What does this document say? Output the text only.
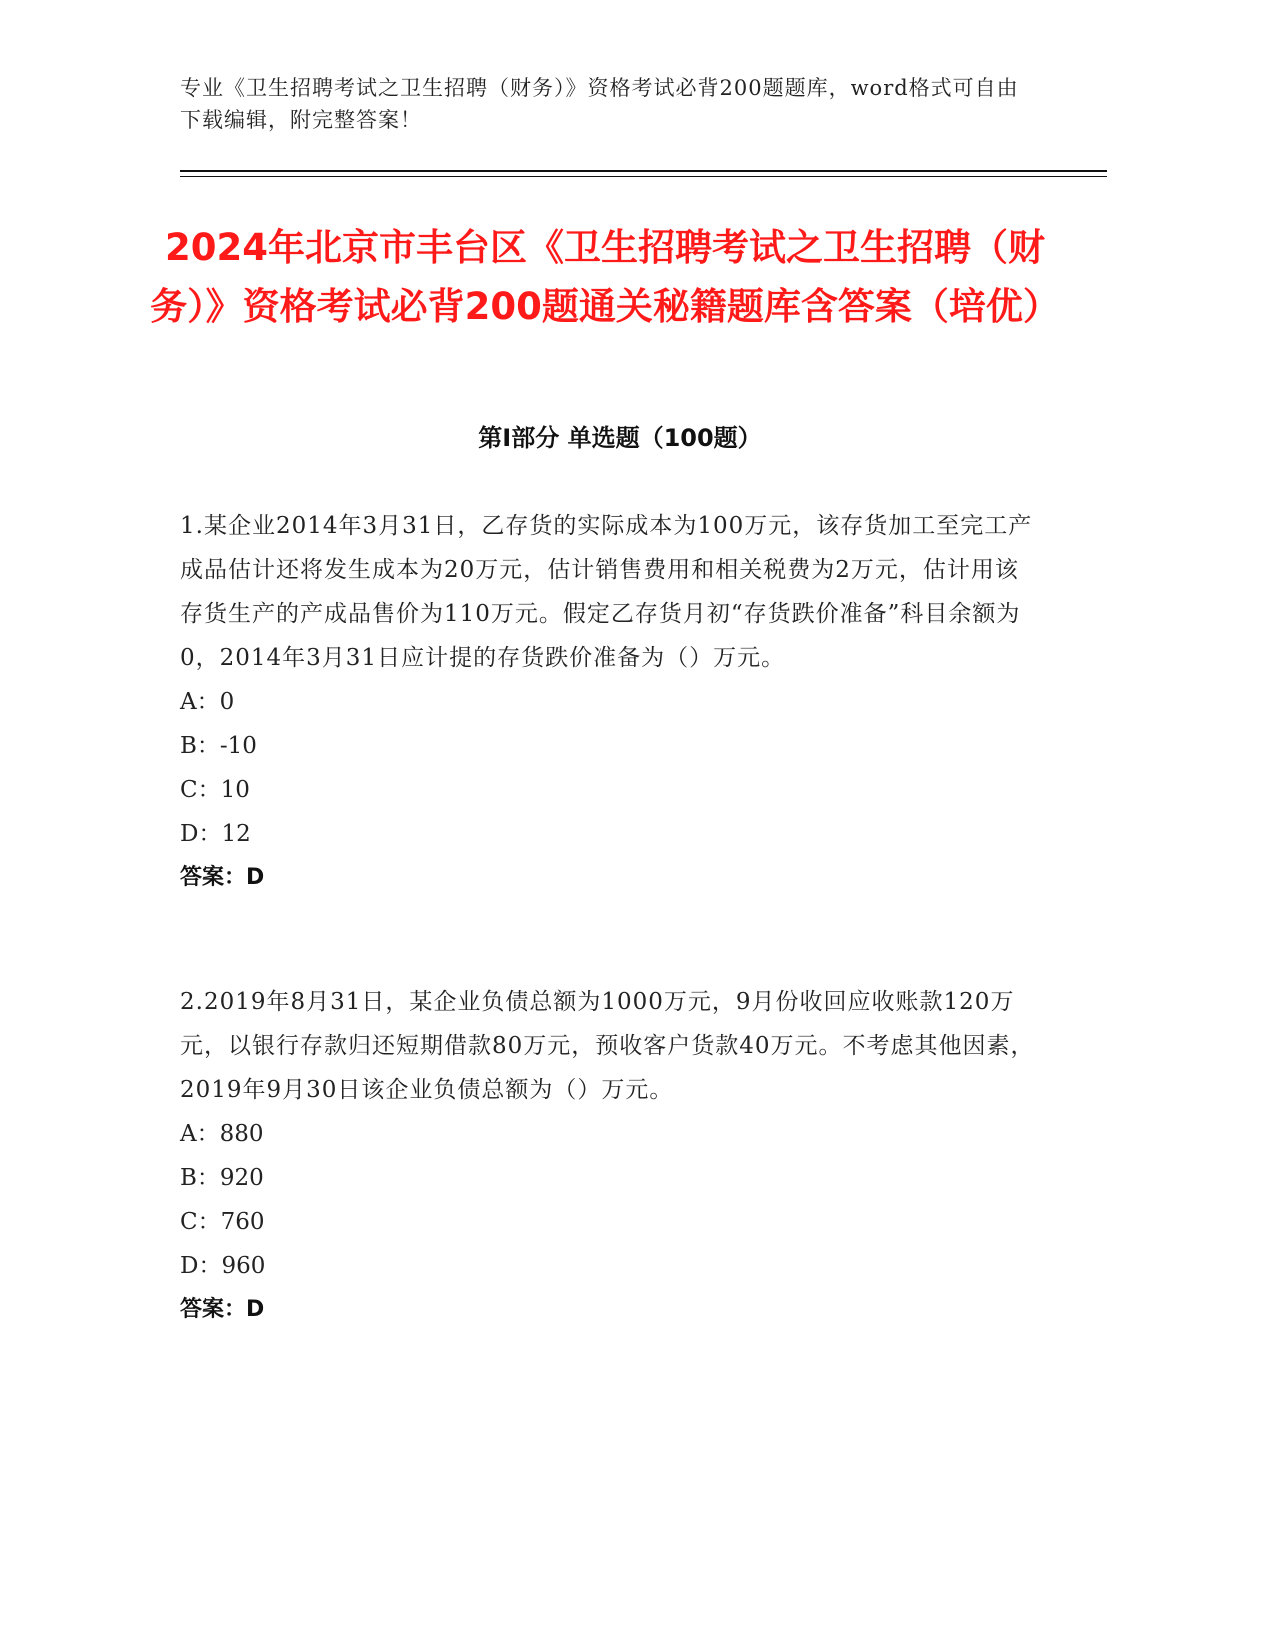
专业《卫生招聘考试之卫生招聘（财务）》资格考试必背200题题库，word格式可自由下载编辑，附完整答案！
2024年北京市丰台区《卫生招聘考试之卫生招聘（财务）》资格考试必背200题通关秘籍题库含答案（培优）
第Ⅰ部分 单选题（100题）

1.某企业2014年3月31日，乙存货的实际成本为100万元，该存货加工至完工产成品估计还将发生成本为20万元，估计销售费用和相关税费为2万元，估计用该存货生产的产成品售价为110万元。假定乙存货月初“存货跌价准备”科目余额为0，2014年3月31日应计提的存货跌价准备为（）万元。

A：0

B：-10

C：10

D：12

答案：D

2.2019年8月31日，某企业负债总额为1000万元，9月份收回应收账款120万元，以银行存款归还短期借款80万元，预收客户货款40万元。不考虑其他因素，2019年9月30日该企业负债总额为（）万元。

A：880

B：920

C：760

D：960

答案：D
